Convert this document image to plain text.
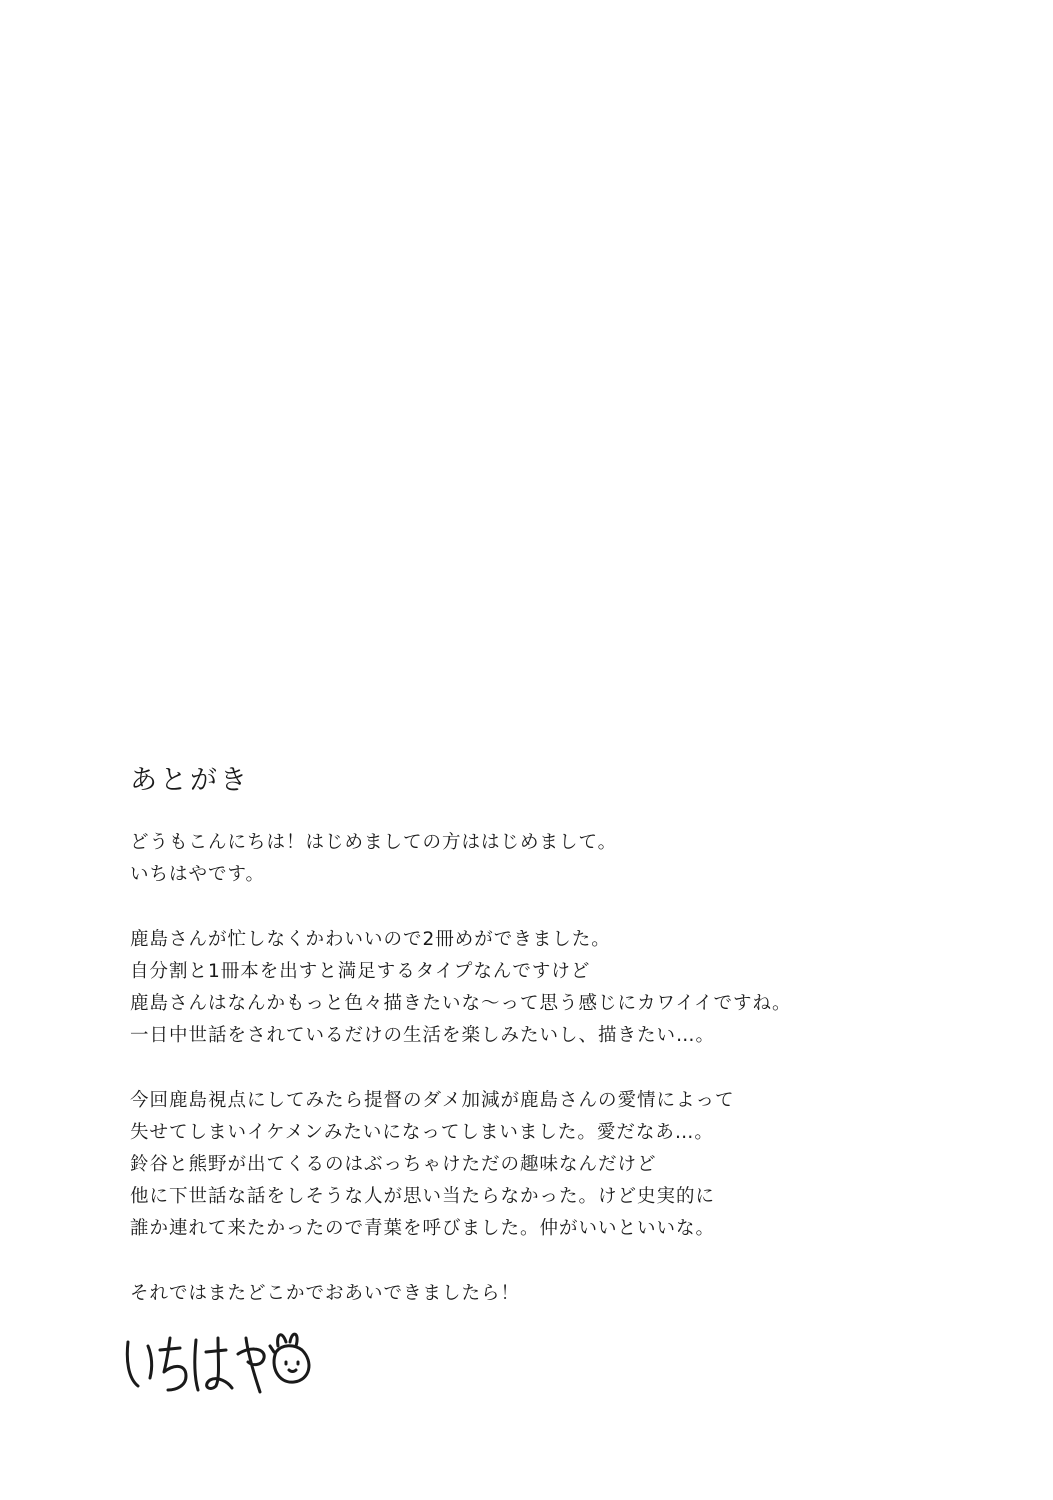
あとがき
どうもこんにちは！はじめましての方ははじめまして。
いちはやです。
鹿島さんが忙しなくかわいいので2冊めができました。
自分割と1冊本を出すと満足するタイプなんですけど
鹿島さんはなんかもっと色々描きたいな～って思う感じにカワイイですね。
一日中世話をされているだけの生活を楽しみたいし、描きたい…。
今回鹿島視点にしてみたら提督のダメ加減が鹿島さんの愛情によって
失せてしまいイケメンみたいになってしまいました。愛だなあ…。
鈴谷と熊野が出てくるのはぶっちゃけただの趣味なんだけど
他に下世話な話をしそうな人が思い当たらなかった。けど史実的に
誰か連れて来たかったので青葉を呼びました。仲がいいといいな。
それではまたどこかでおあいできましたら！
